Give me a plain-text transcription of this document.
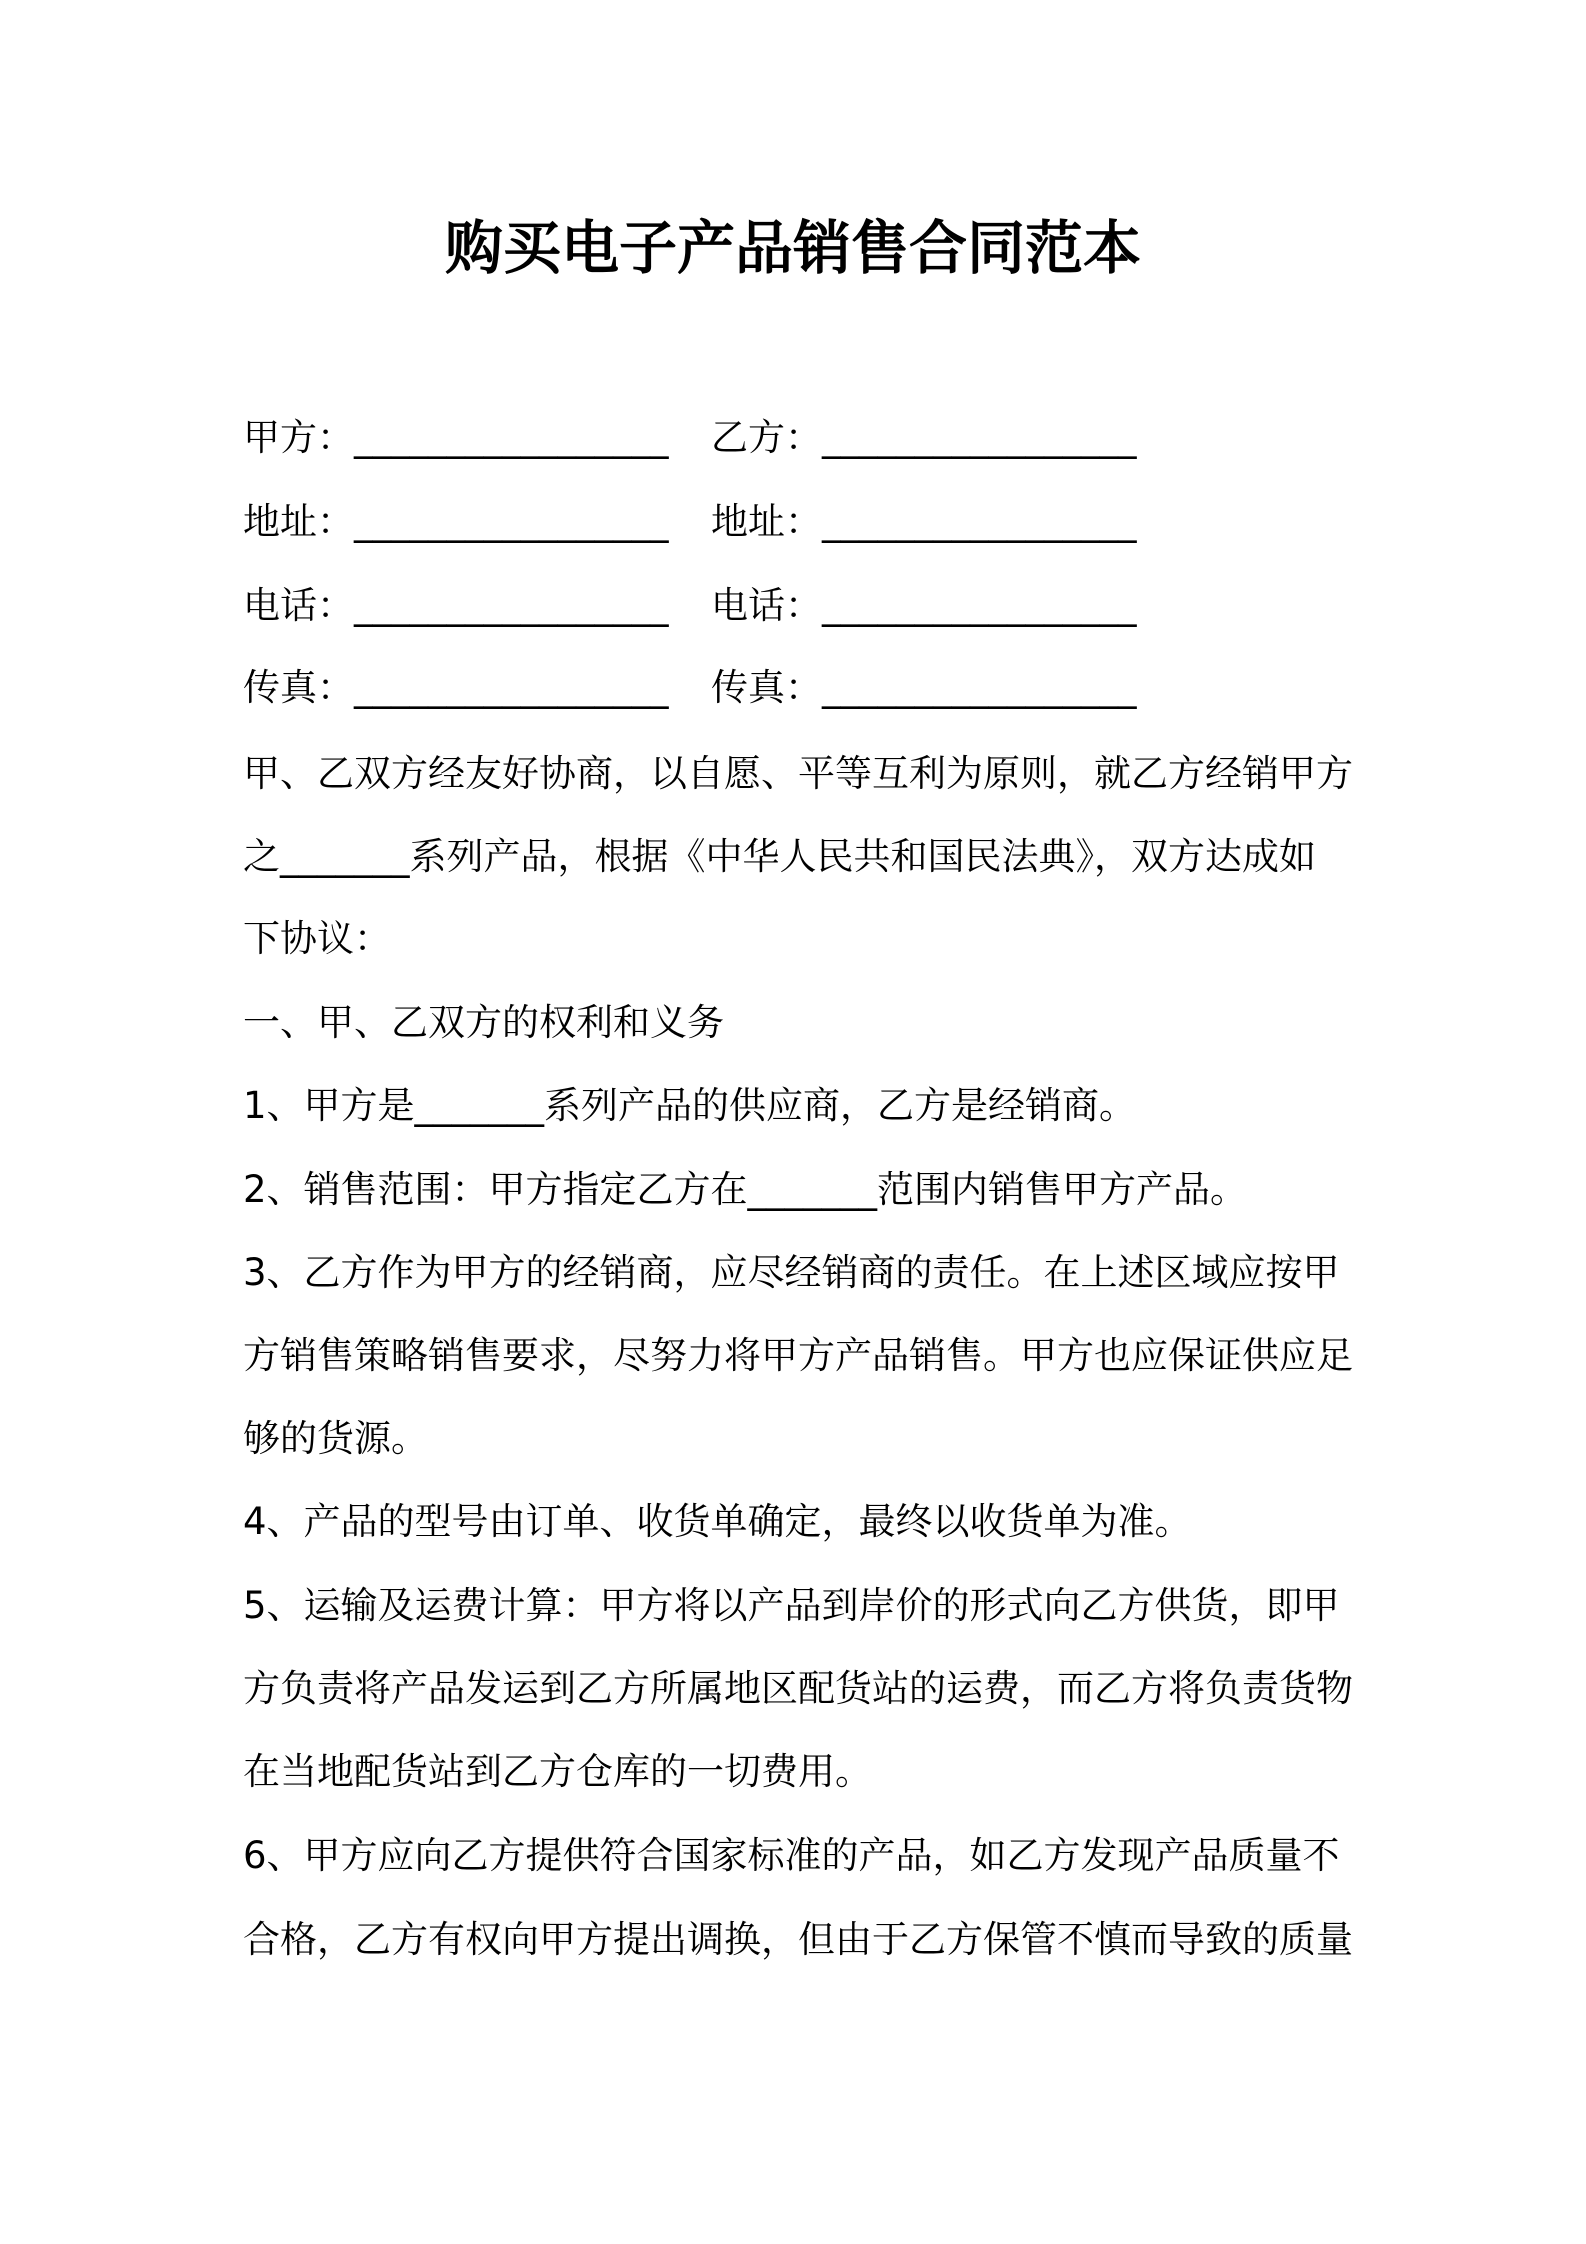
购买电子产品销售合同范本
甲方：_________________ 乙方：_________________
地址：_________________ 地址：_________________
电话：_________________ 电话：_________________
传真：_________________ 传真：_________________
甲、乙双方经友好协商，以自愿、平等互利为原则，就乙方经销甲方
之_______系列产品，根据《中华人民共和国民法典》，双方达成如
下协议：
一、甲、乙双方的权利和义务
1、甲方是_______系列产品的供应商，乙方是经销商。
2、销售范围：甲方指定乙方在_______范围内销售甲方产品。
3、乙方作为甲方的经销商，应尽经销商的责任。在上述区域应按甲
方销售策略销售要求，尽努力将甲方产品销售。甲方也应保证供应足
够的货源。
4、产品的型号由订单、收货单确定，最终以收货单为准。
5、运输及运费计算：甲方将以产品到岸价的形式向乙方供货，即甲
方负责将产品发运到乙方所属地区配货站的运费，而乙方将负责货物
在当地配货站到乙方仓库的一切费用。
6、甲方应向乙方提供符合国家标准的产品，如乙方发现产品质量不
合格，乙方有权向甲方提出调换，但由于乙方保管不慎而导致的质量
